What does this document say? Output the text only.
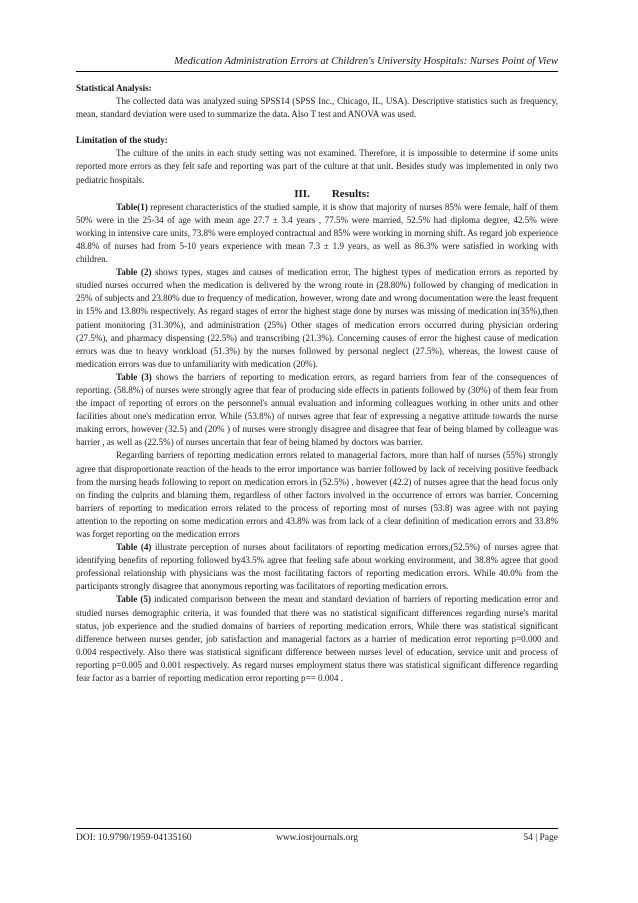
Medication Administration Errors at Children's University Hospitals: Nurses Point of View

Statistical Analysis:

The collected data was analyzed suing SPSS14 (SPSS Inc., Chicago, IL, USA). Descriptive statistics such as frequency, mean, standard deviation were used to summarize the data. Also T test and ANOVA was used.

Limitation of the study:

The culture of the units in each study setting was not examined. Therefore, it is impossible to determine if some units reported more errors as they felt safe and reporting was part of the culture at that unit. Besides study was implemented in only two pediatric hospitals.

III. Results:

Table(1) represent characteristics of the studied sample, it is show that majority of nurses 85% were female, half of them 50% were in the 25-34 of age with mean age 27.7 ± 3.4 years , 77.5% were married, 52.5% had diploma degree, 42.5% were working in intensive care units, 73.8% were employed contractual and 85% were working in morning shift. As regard job experience 48.8% of nurses had from 5-10 years experience with mean 7.3 ± 1.9 years, as well as 86.3% were satisfied in working with children.

Table (2) shows types, stages and causes of medication error, The highest types of medication errors as reported by studied nurses occurred when the medication is delivered by the wrong route in (28.80%) followed by changing of medication in 25% of subjects and 23.80% due to frequency of medication, however, wrong date and wrong documentation were the least frequent in 15% and 13.80% respectively. As regard stages of error the highest stage done by nurses was missing of medication in(35%),then patient monitoring (31.30%), and administration (25%) Other stages of medication errors occurred during physician ordering (27.5%), and pharmacy dispensing (22.5%) and transcribing (21.3%). Concerning causes of error the highest cause of medication errors was due to heavy workload (51.3%) by the nurses followed by personal neglect (27.5%), whereas, the lowest cause of medication errors was due to unfamiliarity with medication (20%).

Table (3) shows the barriers of reporting to medication errors, as regard barriers from fear of the consequences of reporting. (58.8%) of nurses were strongly agree that fear of producing side effects in patients followed by (30%) of them fear from the impact of reporting of errors on the personnel's annual evaluation and informing colleagues working in other units and other facilities about one's medication error. While (53.8%) of nurses agree that fear of expressing a negative attitude towards the nurse making errors, however (32.5) and (20% ) of nurses were strongly disagree and disagree that fear of being blamed by colleague was barrier , as well as (22.5%) of nurses uncertain that fear of being blamed by doctors was barrier.

Regarding barriers of reporting medication errors related to managerial factors, more than half of nurses (55%) strongly agree that disproportionate reaction of the heads to the error importance was barrier followed by lack of receiving positive feedback from the nursing heads following to report on medication errors in (52.5%) , however (42.2) of nurses agree that the head focus only on finding the culprits and blaming them, regardless of other factors involved in the occurrence of errors was barrier. Concerning barriers of reporting to medication errors related to the process of reporting most of nurses (53.8) was agree with not paying attention to the reporting on some medication errors and 43.8% was from lack of a clear definition of medication errors and 33.8% was forget reporting on the medication errors

Table (4) illustrate perception of nurses about facilitators of reporting medication errors,(52.5%) of nurses agree that identifying benefits of reporting followed by43.5% agree that feeling safe about working environment, and 38.8% agree that good professional relationship with physicians was the most facilitating factors of reporting medication errors. While 40.0% from the participants strongly disagree that anonymous reporting was facilitators of reporting medication errors.

Table (5) indicated comparison between the mean and standard deviation of barriers of reporting medication error and studied nurses demographic criteria, it was founded that there was no statistical significant differences regarding nurse's marital status, job experience and the studied domains of barriers of reporting medication errors, While there was statistical significant difference between nurses gender, job satisfaction and managerial factors as a barrier of medication error reporting p=0.000 and 0.004 respectively. Also there was statistical significant difference between nurses level of education, service unit and process of reporting p=0.005 and 0.001 respectively. As regard nurses employment status there was statistical significant difference regarding fear factor as a barrier of reporting medication error reporting p== 0.004 .

DOI: 10.9790/1959-04135160	www.iosrjournals.org	54 | Page
